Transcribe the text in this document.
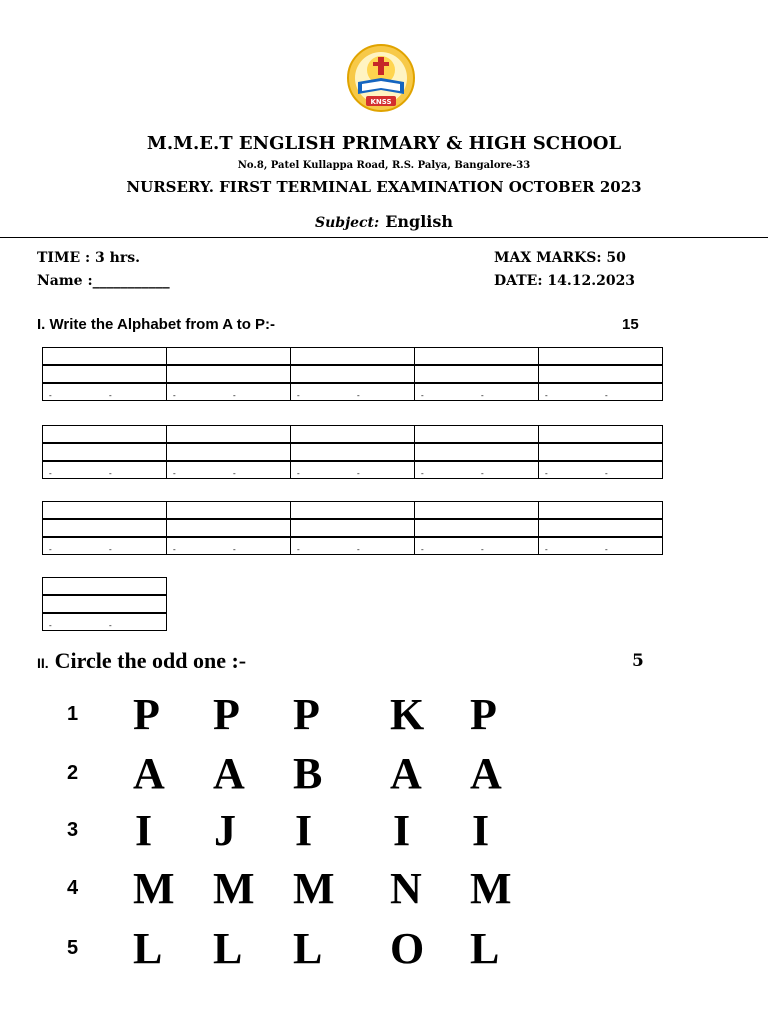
KNSS
M.M.E.T ENGLISH PRIMARY & HIGH SCHOOL
No.8, Patel Kullappa Road, R.S. Palya, Bangalore-33
NURSERY. FIRST TERMINAL EXAMINATION OCTOBER 2023
Subject: English
TIME : 3 hrs.
Name :___________
MAX MARKS: 50
DATE: 14.12.2023
I. Write the Alphabet from A to P:-	15

- -	- -	- -	- -	- -

- -	- -	- -	- -	- -

- -	- -	- -	- -	- -

-	-
II. Circle the odd one :-	5
1 P P P K P
2 A A B A A
3 I J I I I
4 M M M N M
5 L L L O L
